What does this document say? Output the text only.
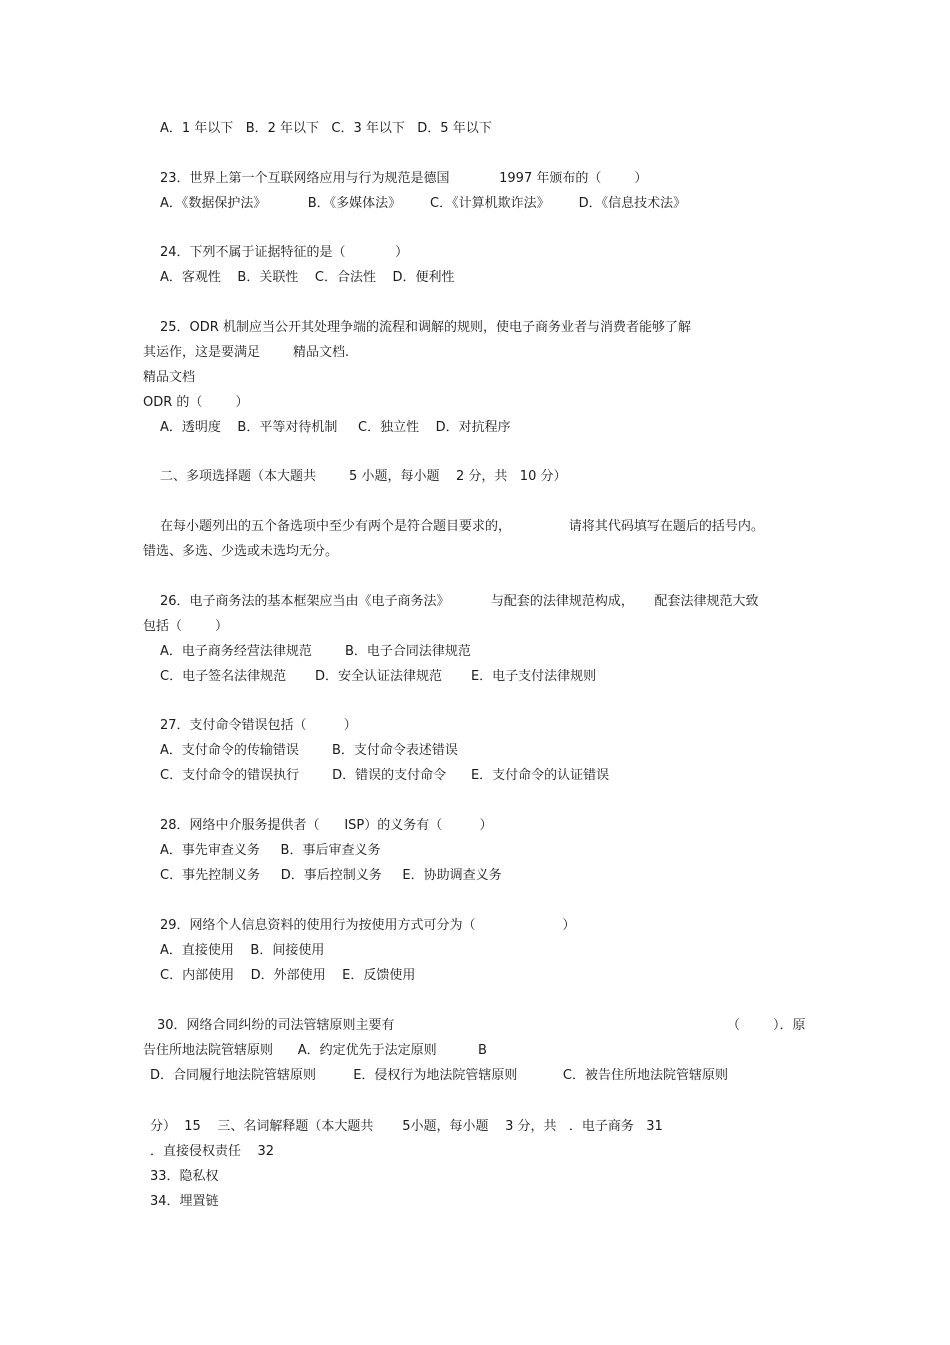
A．1 年以下   B．2 年以下   C．3 年以下   D．5 年以下
23．世界上第一个互联网络应用与行为规范是德国            1997 年颁布的（        ）
A．《数据保护法》          B．《多媒体法》       C．《计算机欺诈法》       D．《信息技术法》
24．下列不属于证据特征的是（            ）
A．客观性    B．关联性    C．合法性    D．便利性
25．ODR 机制应当公开其处理争端的流程和调解的规则，使电子商务业者与消费者能够了解
其运作，这是要满足        精品文档.
精品文档
ODR 的（        ）
A．透明度    B．平等对待机制     C．独立性    D．对抗程序
二、多项选择题（本大题共        5 小题，每小题    2 分，共   10 分）
在每小题列出的五个备选项中至少有两个是符合题目要求的，              请将其代码填写在题后的括号内。
错选、多选、少选或未选均无分。
26．电子商务法的基本框架应当由《电子商务法》          与配套的法律规范构成，     配套法律规范大致
包括（        ）
A．电子商务经营法律规范        B．电子合同法律规范
C．电子签名法律规范       D．安全认证法律规范       E．电子支付法律规则
27．支付命令错误包括（         ）
A．支付命令的传输错误        B．支付命令表述错误
C．支付命令的错误执行        D．错误的支付命令      E．支付命令的认证错误
28．网络中介服务提供者（      ISP）的义务有（         ）
A．事先审查义务     B．事后审查义务
C．事先控制义务     D．事后控制义务     E．协助调查义务
29．网络个人信息资料的使用行为按使用方式可分为（                     ）
A．直接使用    B．间接使用
C．内部使用    D．外部使用    E．反馈使用
30．网络合同纠纷的司法管辖原则主要有	（        ）．原
告住所地法院管辖原则      A．约定优先于法定原则          B
D．合同履行地法院管辖原则         E．侵权行为地法院管辖原则           C．被告住所地法院管辖原则
分）  15    三、名词解释题（本大题共       5小题，每小题    3 分，共   ．电子商务   31
．直接侵权责任    32
33．隐私权
34．埋置链
